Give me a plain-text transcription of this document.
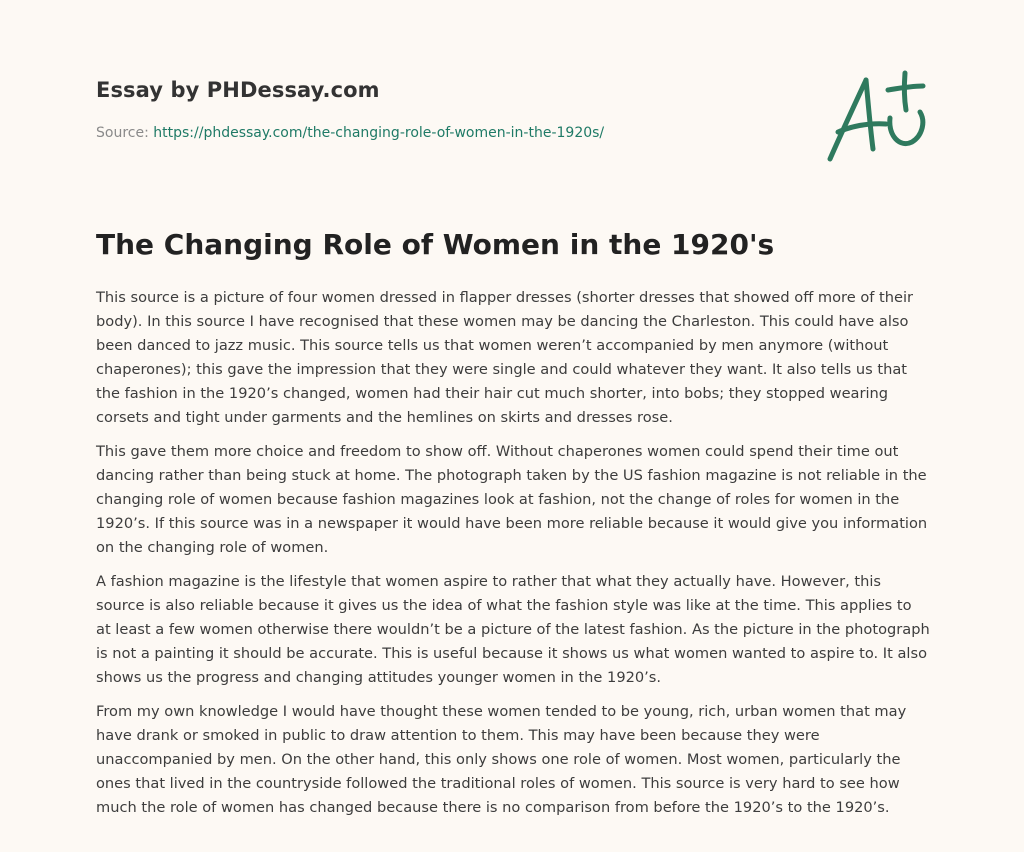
Essay by PHDessay.com

Source: https://phdessay.com/the-changing-role-of-women-in-the-1920s/

The Changing Role of Women in the 1920's

This source is a picture of four women dressed in flapper dresses (shorter dresses that showed off more of their body). In this source I have recognised that these women may be dancing the Charleston. This could have also been danced to jazz music. This source tells us that women weren’t accompanied by men anymore (without chaperones); this gave the impression that they were single and could whatever they want. It also tells us that the fashion in the 1920’s changed, women had their hair cut much shorter, into bobs; they stopped wearing corsets and tight under garments and the hemlines on skirts and dresses rose.

This gave them more choice and freedom to show off. Without chaperones women could spend their time out dancing rather than being stuck at home. The photograph taken by the US fashion magazine is not reliable in the changing role of women because fashion magazines look at fashion, not the change of roles for women in the 1920’s. If this source was in a newspaper it would have been more reliable because it would give you information on the changing role of women.

A fashion magazine is the lifestyle that women aspire to rather that what they actually have. However, this source is also reliable because it gives us the idea of what the fashion style was like at the time. This applies to at least a few women otherwise there wouldn’t be a picture of the latest fashion. As the picture in the photograph is not a painting it should be accurate. This is useful because it shows us what women wanted to aspire to. It also shows us the progress and changing attitudes younger women in the 1920’s.

From my own knowledge I would have thought these women tended to be young, rich, urban women that may have drank or smoked in public to draw attention to them. This may have been because they were unaccompanied by men. On the other hand, this only shows one role of women. Most women, particularly the ones that lived in the countryside followed the traditional roles of women. This source is very hard to see how much the role of women has changed because there is no comparison from before the 1920’s to the 1920’s.
